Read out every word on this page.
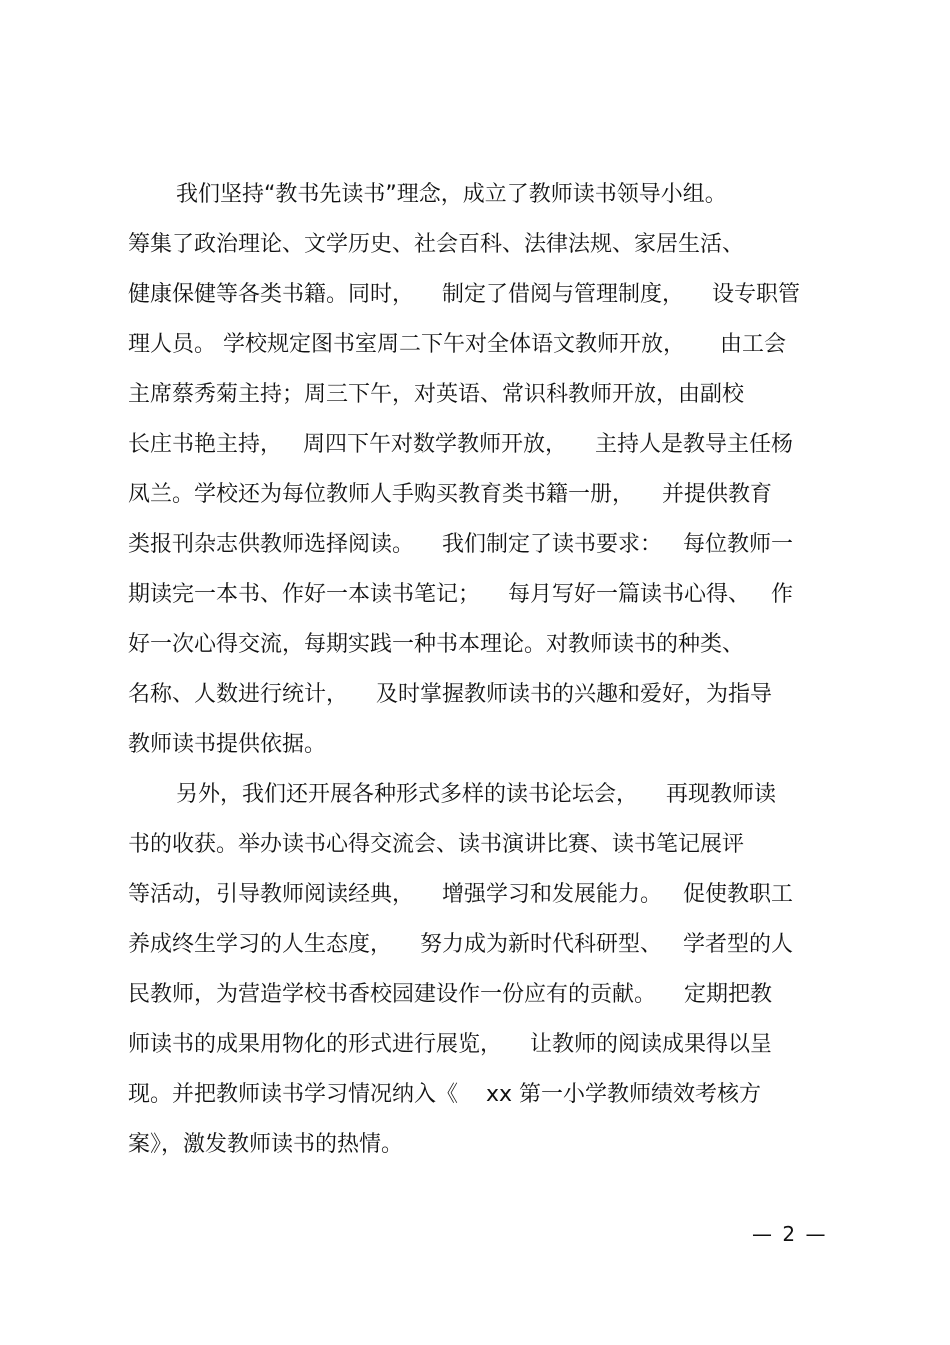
我们坚持“教书先读书”理念，成立了教师读书领导小组。
筹集了政治理论、文学历史、社会百科、法律法规、家居生活、
健康保健等各类书籍。同时，    制定了借阅与管理制度，    设专职管
理人员。 学校规定图书室周二下午对全体语文教师开放，     由工会
主席蔡秀菊主持；周三下午，对英语、常识科教师开放，由副校
长庄书艳主持，   周四下午对数学教师开放，    主持人是教导主任杨
凤兰。学校还为每位教师人手购买教育类书籍一册，    并提供教育
类报刊杂志供教师选择阅读。    我们制定了读书要求：   每位教师一
期读完一本书、作好一本读书笔记；    每月写好一篇读书心得、   作
好一次心得交流，每期实践一种书本理论。对教师读书的种类、
名称、人数进行统计，    及时掌握教师读书的兴趣和爱好，为指导
教师读书提供依据。
另外，我们还开展各种形式多样的读书论坛会，    再现教师读
书的收获。举办读书心得交流会、读书演讲比赛、读书笔记展评
等活动，引导教师阅读经典，    增强学习和发展能力。   促使教职工
养成终生学习的人生态度，    努力成为新时代科研型、   学者型的人
民教师，为营造学校书香校园建设作一份应有的贡献。    定期把教
师读书的成果用物化的形式进行展览，    让教师的阅读成果得以呈
现。并把教师读书学习情况纳入《    xx 第一小学教师绩效考核方
案》，激发教师读书的热情。
— 2 —
